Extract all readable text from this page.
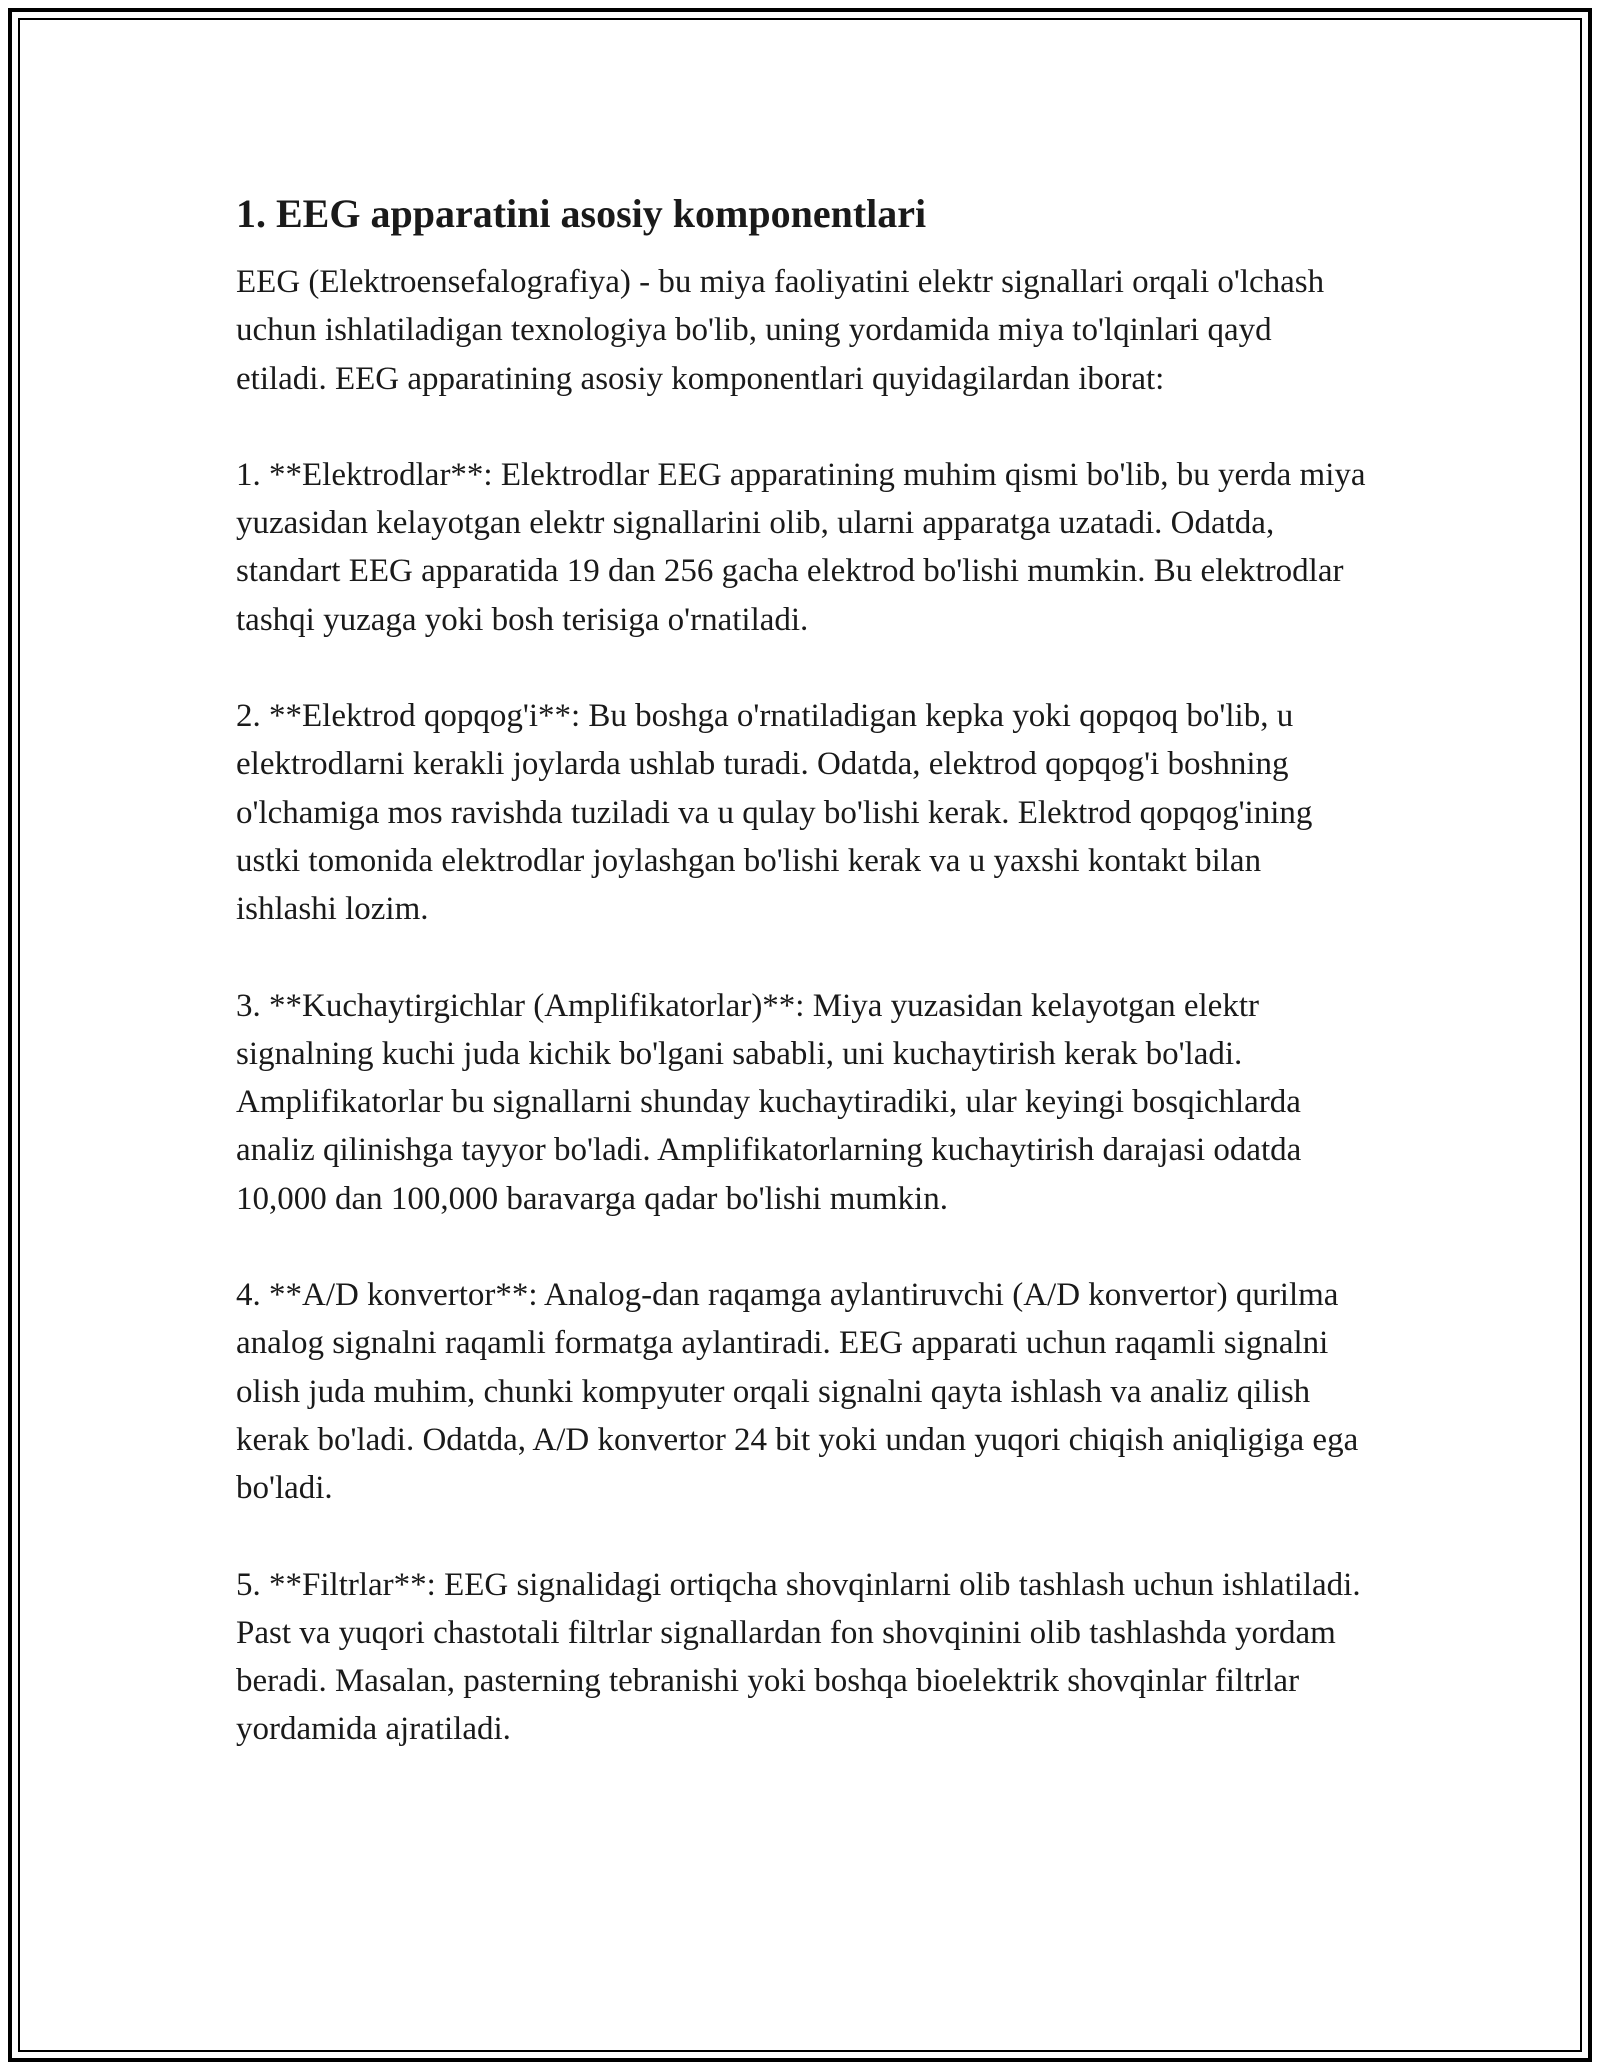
1. EEG apparatini asosiy komponentlari

EEG (Elektroensefalografiya) - bu miya faoliyatini elektr signallari orqali o'lchash uchun ishlatiladigan texnologiya bo'lib, uning yordamida miya to'lqinlari qayd etiladi. EEG apparatining asosiy komponentlari quyidagilardan iborat:

1. **Elektrodlar**: Elektrodlar EEG apparatining muhim qismi bo'lib, bu yerda miya yuzasidan kelayotgan elektr signallarini olib, ularni apparatga uzatadi. Odatda, standart EEG apparatida 19 dan 256 gacha elektrod bo'lishi mumkin. Bu elektrodlar tashqi yuzaga yoki bosh terisiga o'rnatiladi.

2. **Elektrod qopqog'i**: Bu boshga o'rnatiladigan kepka yoki qopqoq bo'lib, u elektrodlarni kerakli joylarda ushlab turadi. Odatda, elektrod qopqog'i boshning o'lchamiga mos ravishda tuziladi va u qulay bo'lishi kerak. Elektrod qopqog'ining ustki tomonida elektrodlar joylashgan bo'lishi kerak va u yaxshi kontakt bilan ishlashi lozim.

3. **Kuchaytirgichlar (Amplifikatorlar)**: Miya yuzasidan kelayotgan elektr signalning kuchi juda kichik bo'lgani sababli, uni kuchaytirish kerak bo'ladi. Amplifikatorlar bu signallarni shunday kuchaytiradiki, ular keyingi bosqichlarda analiz qilinishga tayyor bo'ladi. Amplifikatorlarning kuchaytirish darajasi odatda 10,000 dan 100,000 baravarga qadar bo'lishi mumkin.

4. **A/D konvertor**: Analog-dan raqamga aylantiruvchi (A/D konvertor) qurilma analog signalni raqamli formatga aylantiradi. EEG apparati uchun raqamli signalni olish juda muhim, chunki kompyuter orqali signalni qayta ishlash va analiz qilish kerak bo'ladi. Odatda, A/D konvertor 24 bit yoki undan yuqori chiqish aniqligiga ega bo'ladi.

5. **Filtrlar**: EEG signalidagi ortiqcha shovqinlarni olib tashlash uchun ishlatiladi. Past va yuqori chastotali filtrlar signallardan fon shovqinini olib tashlashda yordam beradi. Masalan, pasterning tebranishi yoki boshqa bioelektrik shovqinlar filtrlar yordamida ajratiladi.
